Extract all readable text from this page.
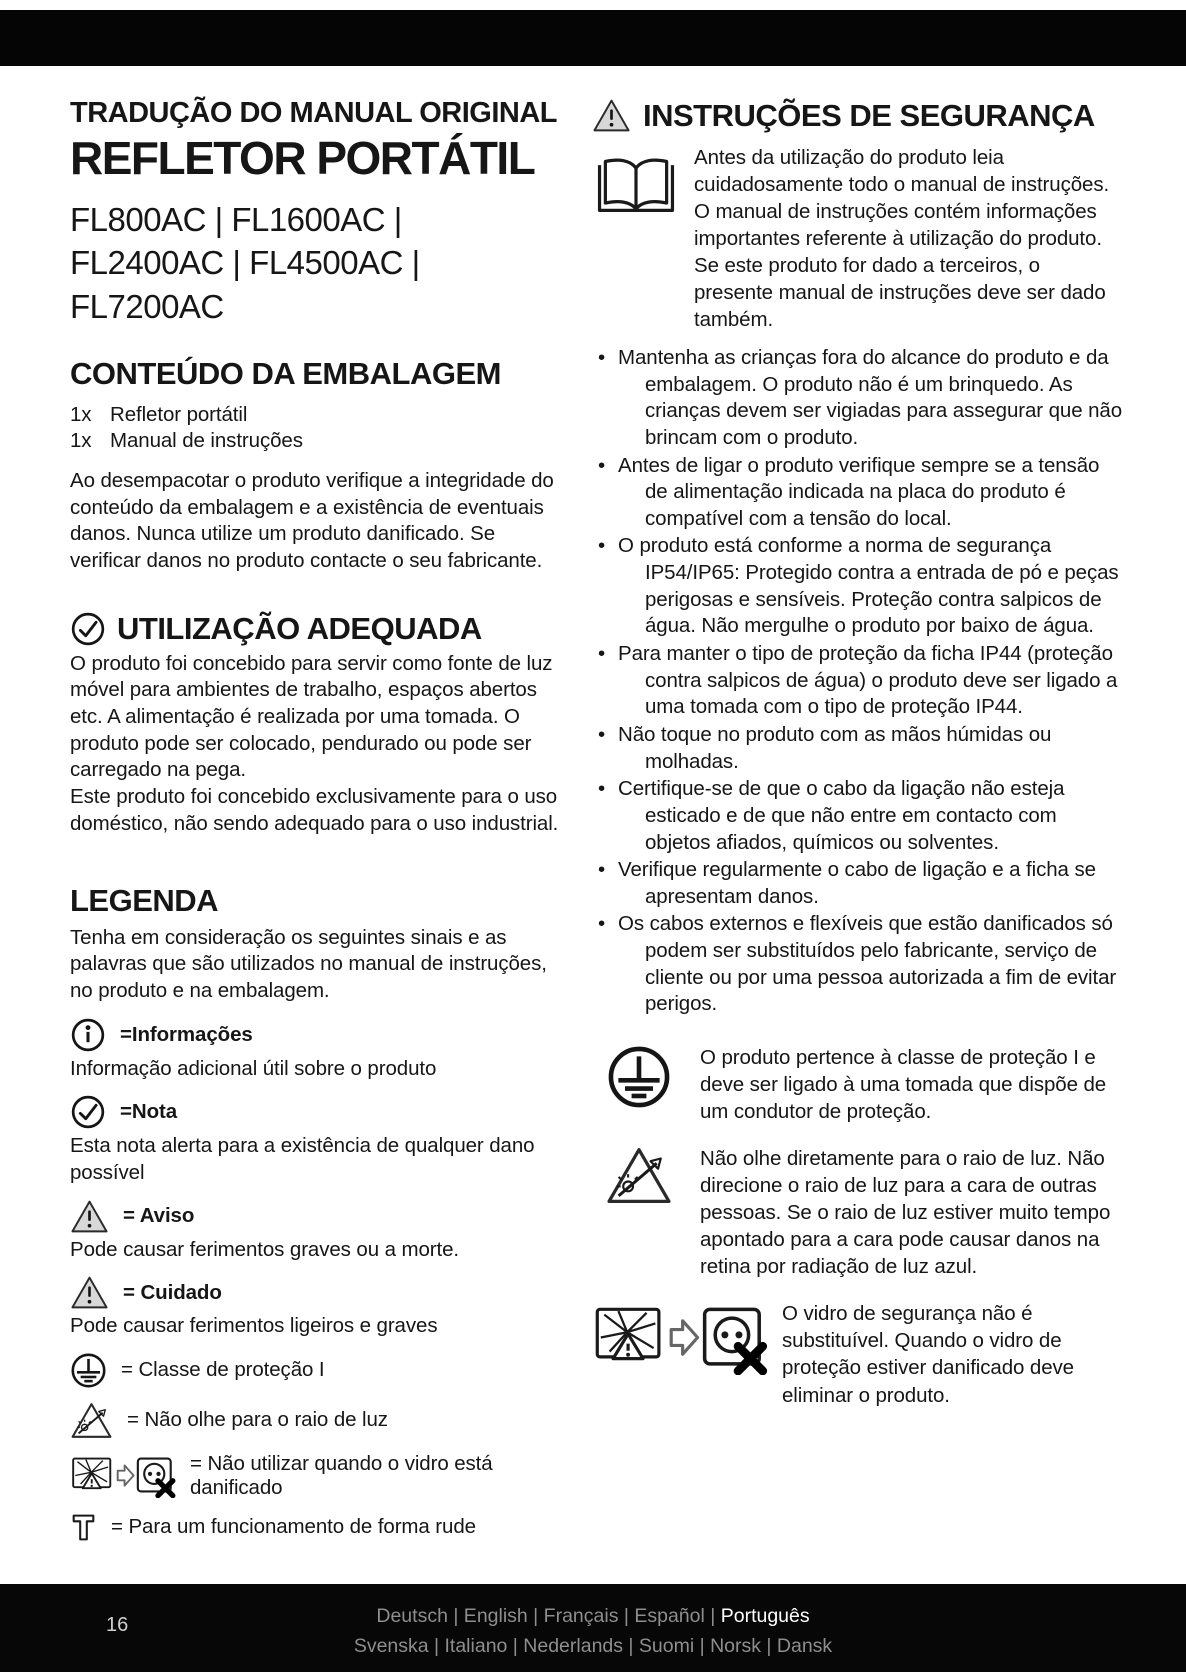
TRADUÇÃO DO MANUAL ORIGINAL
REFLETOR PORTÁTIL
FL800AC | FL1600AC | FL2400AC | FL4500AC | FL7200AC
CONTEÚDO DA EMBALAGEM
1x Refletor portátil
1x Manual de instruções
Ao desempacotar o produto verifique a integridade do conteúdo da embalagem e a existência de eventuais danos. Nunca utilize um produto danificado. Se verificar danos no produto contacte o seu fabricante.
UTILIZAÇÃO ADEQUADA
O produto foi concebido para servir como fonte de luz móvel para ambientes de trabalho, espaços abertos etc. A alimentação é realizada por uma tomada. O produto pode ser colocado, pendurado ou pode ser carregado na pega.
Este produto foi concebido exclusivamente para o uso doméstico, não sendo adequado para o uso industrial.
LEGENDA
Tenha em consideração os seguintes sinais e as palavras que são utilizados no manual de instruções, no produto e na embalagem.
=Informações
Informação adicional útil sobre o produto
=Nota
Esta nota alerta para a existência de qualquer dano possível
= Aviso
Pode causar ferimentos graves ou a morte.
= Cuidado
Pode causar ferimentos ligeiros e graves
= Classe de proteção I
= Não olhe para o raio de luz
= Não utilizar quando o vidro está danificado
= Para um funcionamento de forma rude
INSTRUÇÕES DE SEGURANÇA
Antes da utilização do produto leia cuidadosamente todo o manual de instruções. O manual de instruções contém informações importantes referente à utilização do produto.
Se este produto for dado a terceiros, o presente manual de instruções deve ser dado também.
• Mantenha as crianças fora do alcance do produto e da embalagem. O produto não é um brinquedo. As crianças devem ser vigiadas para assegurar que não brincam com o produto.
• Antes de ligar o produto verifique sempre se a tensão de alimentação indicada na placa do produto é compatível com a tensão do local.
• O produto está conforme a norma de segurança IP54/IP65: Protegido contra a entrada de pó e peças perigosas e sensíveis. Proteção contra salpicos de água. Não mergulhe o produto por baixo de água.
• Para manter o tipo de proteção da ficha IP44 (proteção contra salpicos de água) o produto deve ser ligado a uma tomada com o tipo de proteção IP44.
• Não toque no produto com as mãos húmidas ou molhadas.
• Certifique-se de que o cabo da ligação não esteja esticado e de que não entre em contacto com objetos afiados, químicos ou solventes.
• Verifique regularmente o cabo de ligação e a ficha se apresentam danos.
• Os cabos externos e flexíveis que estão danificados só podem ser substituídos pelo fabricante, serviço de cliente ou por uma pessoa autorizada a fim de evitar perigos.
O produto pertence à classe de proteção I e deve ser ligado à uma tomada que dispõe de um condutor de proteção.
Não olhe diretamente para o raio de luz. Não direcione o raio de luz para a cara de outras pessoas. Se o raio de luz estiver muito tempo apontado para a cara pode causar danos na retina por radiação de luz azul.
O vidro de segurança não é substituível. Quando o vidro de proteção estiver danificado deve eliminar o produto.
16	Deutsch | English | Français | Español | Português
Svenska | Italiano | Nederlands | Suomi | Norsk | Dansk
